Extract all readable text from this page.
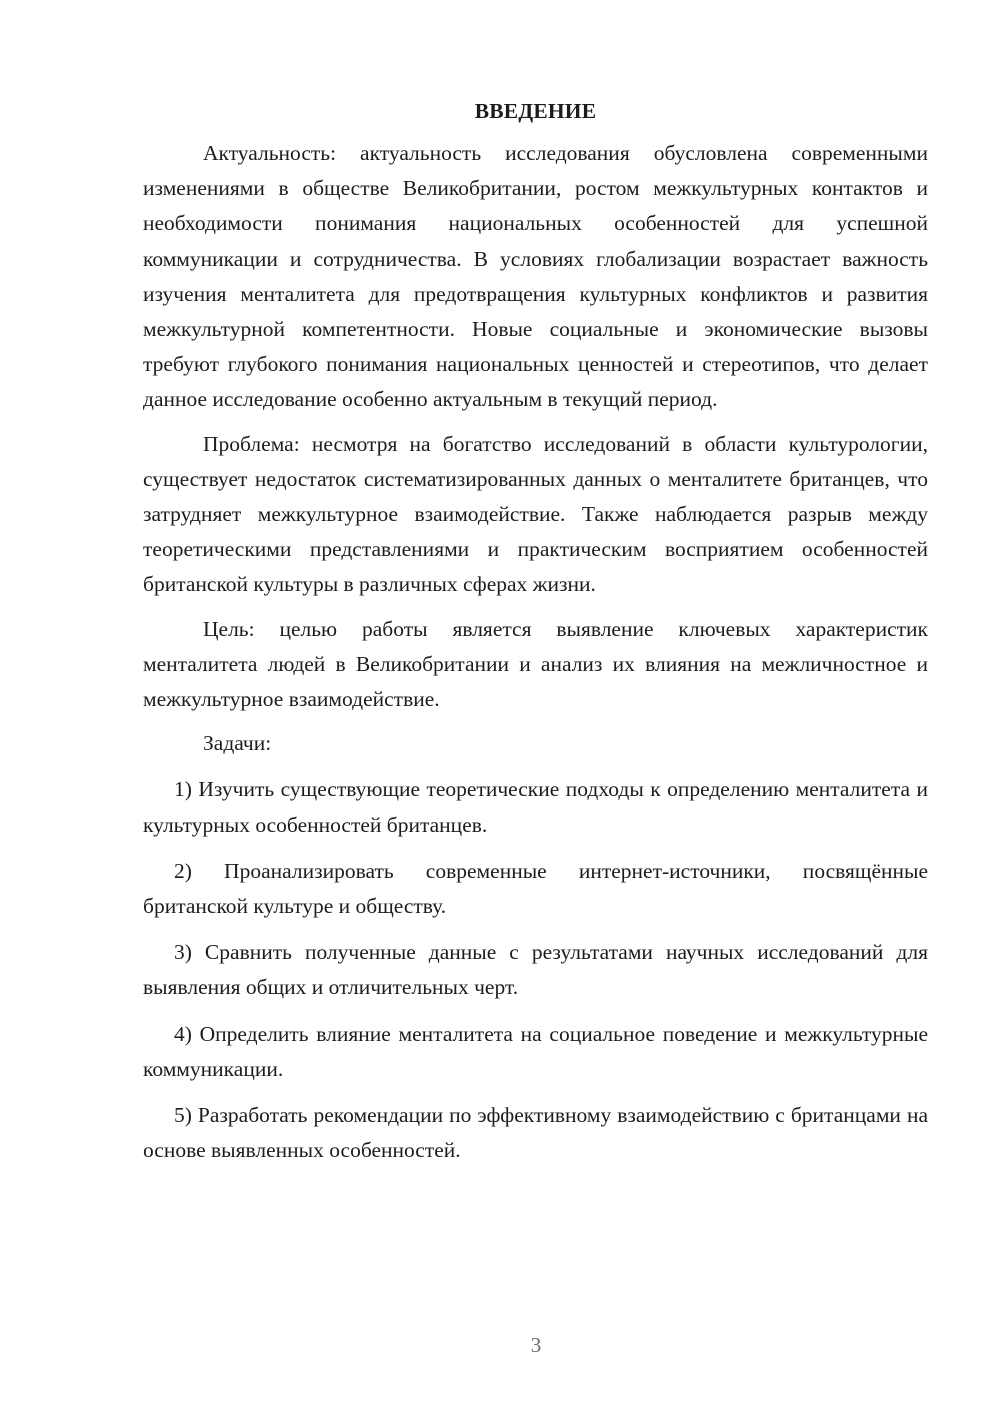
ВВЕДЕНИЕ

Актуальность: актуальность исследования обусловлена современными изменениями в обществе Великобритании, ростом межкультурных контактов и необходимости понимания национальных особенностей для успешной коммуникации и сотрудничества. В условиях глобализации возрастает важность изучения менталитета для предотвращения культурных конфликтов и развития межкультурной компетентности. Новые социальные и экономические вызовы требуют глубокого понимания национальных ценностей и стереотипов, что делает данное исследование особенно актуальным в текущий период.

Проблема: несмотря на богатство исследований в области культурологии, существует недостаток систематизированных данных о менталитете британцев, что затрудняет межкультурное взаимодействие. Также наблюдается разрыв между теоретическими представлениями и практическим восприятием особенностей британской культуры в различных сферах жизни.

Цель: целью работы является выявление ключевых характеристик менталитета людей в Великобритании и анализ их влияния на межличностное и межкультурное взаимодействие.

Задачи:

1) Изучить существующие теоретические подходы к определению менталитета и культурных особенностей британцев.

2) Проанализировать современные интернет-источники, посвящённые британской культуре и обществу.

3) Сравнить полученные данные с результатами научных исследований для выявления общих и отличительных черт.

4) Определить влияние менталитета на социальное поведение и межкультурные коммуникации.

5) Разработать рекомендации по эффективному взаимодействию с британцами на основе выявленных особенностей.

3
